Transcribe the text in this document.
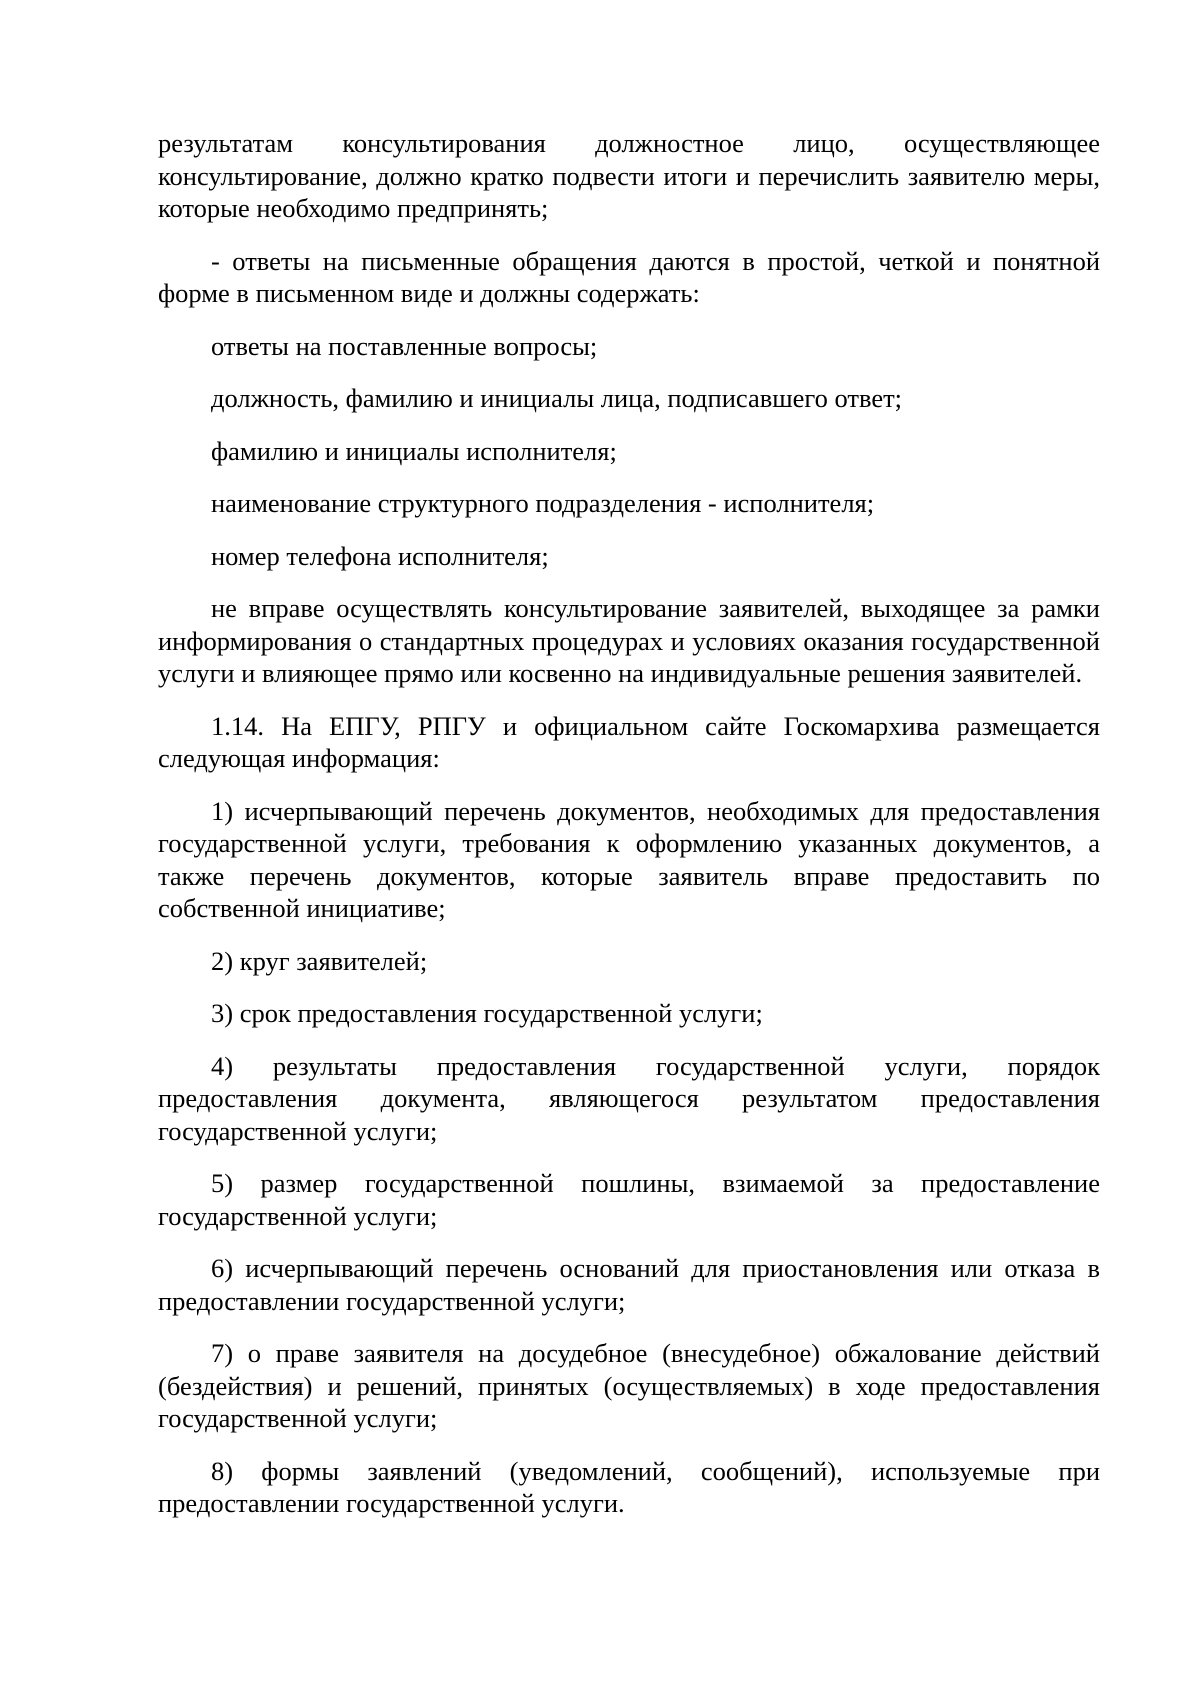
результатам консультирования должностное лицо, осуществляющее консультирование, должно кратко подвести итоги и перечислить заявителю меры, которые необходимо предпринять;

- ответы на письменные обращения даются в простой, четкой и понятной форме в письменном виде и должны содержать:

ответы на поставленные вопросы;

должность, фамилию и инициалы лица, подписавшего ответ;

фамилию и инициалы исполнителя;

наименование структурного подразделения - исполнителя;

номер телефона исполнителя;

не вправе осуществлять консультирование заявителей, выходящее за рамки информирования о стандартных процедурах и условиях оказания государственной услуги и влияющее прямо или косвенно на индивидуальные решения заявителей.

1.14. На ЕПГУ, РПГУ и официальном сайте Госкомархива размещается следующая информация:

1) исчерпывающий перечень документов, необходимых для предоставления государственной услуги, требования к оформлению указанных документов, а также перечень документов, которые заявитель вправе предоставить по собственной инициативе;

2) круг заявителей;

3) срок предоставления государственной услуги;

4) результаты предоставления государственной услуги, порядок предоставления документа, являющегося результатом предоставления государственной услуги;

5) размер государственной пошлины, взимаемой за предоставление государственной услуги;

6) исчерпывающий перечень оснований для приостановления или отказа в предоставлении государственной услуги;

7) о праве заявителя на досудебное (внесудебное) обжалование действий (бездействия) и решений, принятых (осуществляемых) в ходе предоставления государственной услуги;

8) формы заявлений (уведомлений, сообщений), используемые при предоставлении государственной услуги.
